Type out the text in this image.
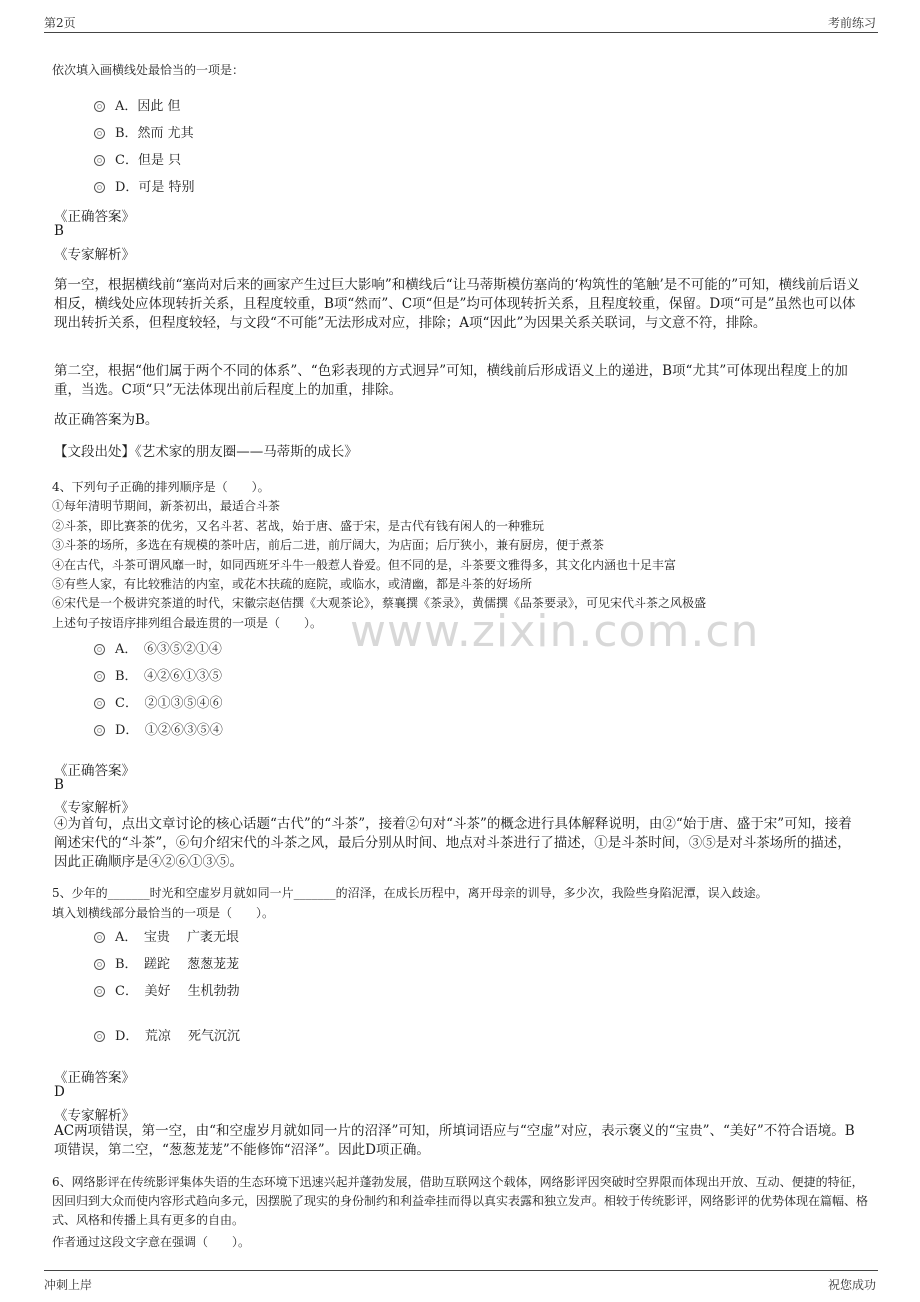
第2页	考前练习
www.zixin.com.cn
依次填入画横线处最恰当的一项是：
A．因此 但
B．然而 尤其
C．但是 只
D．可是 特别
《正确答案》
B
《专家解析》
第一空，根据横线前“塞尚对后来的画家产生过巨大影响”和横线后“让马蒂斯模仿塞尚的‘构筑性的笔触’是不可能的”可知，横线前后语义相反，横线处应体现转折关系，且程度较重，B项“然而”、C项“但是”均可体现转折关系，且程度较重，保留。D项“可是”虽然也可以体现出转折关系，但程度较轻，与文段“不可能”无法形成对应，排除；A项“因此”为因果关系关联词，与文意不符，排除。
第二空，根据“他们属于两个不同的体系”、“色彩表现的方式迥异”可知，横线前后形成语义上的递进，B项“尤其”可体现出程度上的加重，当选。C项“只”无法体现出前后程度上的加重，排除。
故正确答案为B。
【文段出处】《艺术家的朋友圈——马蒂斯的成长》
4、下列句子正确的排列顺序是（　　）。
①每年清明节期间，新茶初出，最适合斗茶
②斗茶，即比赛茶的优劣，又名斗茗、茗战，始于唐、盛于宋，是古代有钱有闲人的一种雅玩
③斗茶的场所，多选在有规模的茶叶店，前后二进，前厅阔大，为店面；后厅狭小，兼有厨房，便于煮茶
④在古代，斗茶可谓风靡一时，如同西班牙斗牛一般惹人眷爱。但不同的是，斗茶要文雅得多，其文化内涵也十足丰富
⑤有些人家，有比较雅洁的内室，或花木扶疏的庭院，或临水，或清幽，都是斗茶的好场所
⑥宋代是一个极讲究茶道的时代，宋徽宗赵佶撰《大观茶论》，蔡襄撰《茶录》，黄儒撰《品茶要录》，可见宋代斗茶之风极盛
上述句子按语序排列组合最连贯的一项是（　　）。
A．　⑥③⑤②①④
B．　④②⑥①③⑤
C．　②①③⑤④⑥
D．　①②⑥③⑤④
《正确答案》
B
《专家解析》
④为首句，点出文章讨论的核心话题“古代”的“斗茶”，接着②句对“斗茶”的概念进行具体解释说明，由②“始于唐、盛于宋”可知，接着阐述宋代的“斗茶”，⑥句介绍宋代的斗茶之风，最后分别从时间、地点对斗茶进行了描述，①是斗茶时间，③⑤是对斗茶场所的描述，因此正确顺序是④②⑥①③⑤。
5、少年的_______时光和空虚岁月就如同一片_______的沼泽，在成长历程中，离开母亲的训导，多少次，我险些身陷泥潭，误入歧途。
填入划横线部分最恰当的一项是（　　）。
A．　宝贵　 广袤无垠
B．　蹉跎　 葱葱茏茏
C．　美好　 生机勃勃
D．　荒凉　 死气沉沉
《正确答案》
D
《专家解析》
AC两项错误，第一空，由“和空虚岁月就如同一片的沼泽”可知，所填词语应与“空虚”对应，表示褒义的“宝贵”、“美好”不符合语境。B项错误，第二空，“葱葱茏茏”不能修饰“沼泽”。因此D项正确。
6、网络影评在传统影评集体失语的生态环境下迅速兴起并蓬勃发展，借助互联网这个载体，网络影评因突破时空界限而体现出开放、互动、便捷的特征，因回归到大众而使内容形式趋向多元，因摆脱了现实的身份制约和利益牵挂而得以真实表露和独立发声。相较于传统影评，网络影评的优势体现在篇幅、格式、风格和传播上具有更多的自由。
作者通过这段文字意在强调（　　）。
冲刺上岸	祝您成功
